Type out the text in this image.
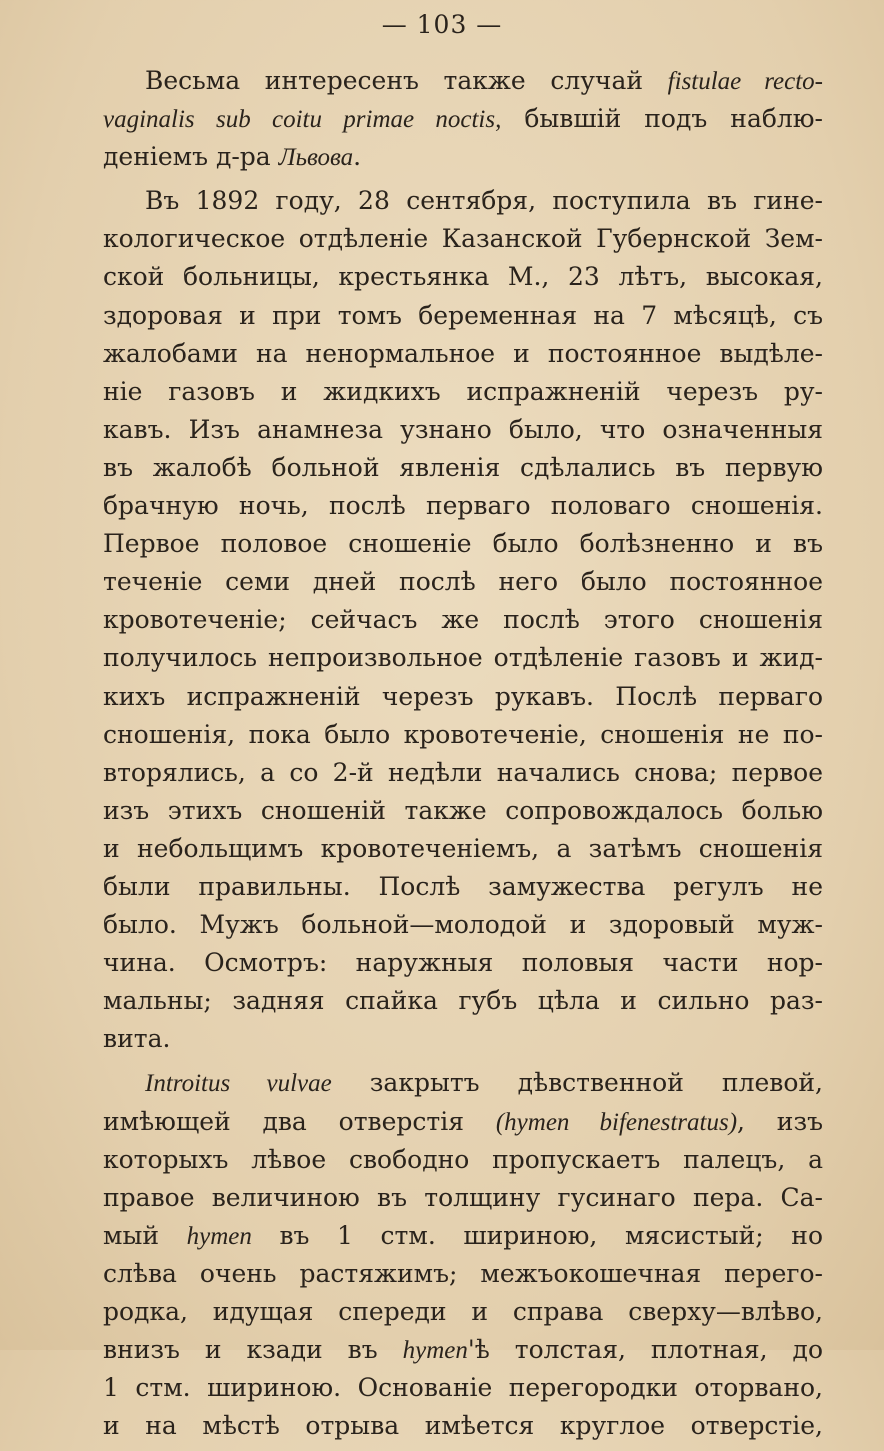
— 103 —
Весьма интересенъ также случай fistulae recto-
vaginalis sub coitu primae noctis, бывшій подъ наблю-
деніемъ д-ра Львова.
Въ 1892 году, 28 сентября, поступила въ гине-
кологическое отдѣленіе Казанской Губернской Зем-
ской больницы, крестьянка М., 23 лѣтъ, высокая,
здоровая и при томъ беременная на 7 мѣсяцѣ, съ
жалобами на ненормальное и постоянное выдѣле-
ніе газовъ и жидкихъ испражненій черезъ ру-
кавъ. Изъ анамнеза узнано было, что означенныя
въ жалобѣ больной явленія сдѣлались въ первую
брачную ночь, послѣ перваго половаго сношенія.
Первое половое сношеніе было болѣзненно и въ
теченіе семи дней послѣ него было постоянное
кровотеченіе; сейчасъ же послѣ этого сношенія
получилось непроизвольное отдѣленіе газовъ и жид-
кихъ испражненій черезъ рукавъ. Послѣ перваго
сношенія, пока было кровотеченіе, сношенія не по-
вторялись, а со 2-й недѣли начались снова; первое
изъ этихъ сношеній также сопровождалось болью
и небольщимъ кровотеченіемъ, а затѣмъ сношенія
были правильны. Послѣ замужества регулъ не
было. Мужъ больной—молодой и здоровый муж-
чина. Осмотръ: наружныя половыя части нор-
мальны; задняя спайка губъ цѣла и сильно раз-
вита.
Introitus vulvae закрытъ дѣвственной плевой,
имѣющей два отверстія (hymen bifenestratus), изъ
которыхъ лѣвое свободно пропускаетъ палецъ, а
правое величиною въ толщину гусинаго пера. Са-
мый hymen въ 1 стм. шириною, мясистый; но
слѣва очень растяжимъ; межъокошечная перего-
родка, идущая спереди и справа сверху—влѣво,
внизъ и кзади въ hymen'ѣ толстая, плотная, до
1 стм. шириною. Основаніе перегородки оторвано,
и на мѣстѣ отрыва имѣется круглое отверстіе,
